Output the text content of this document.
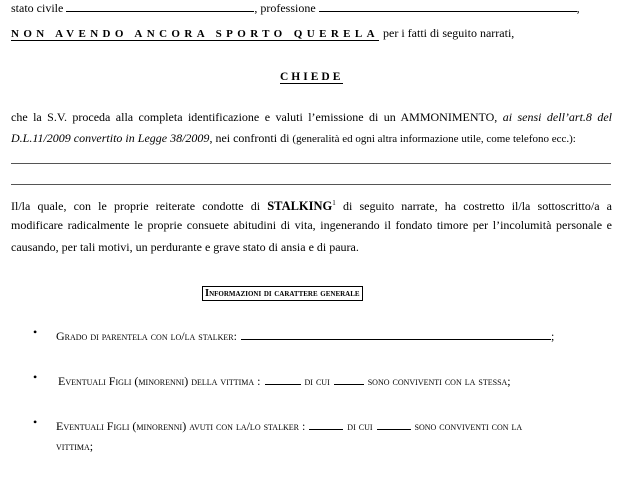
stato civile	, professione	,
NON AVENDO ANCORA SPORTO QUERELA per i fatti di seguito narrati,
CHIEDE
che la S.V. proceda alla completa identificazione e valuti l’emissione di un AMMONIMENTO, ai sensi dell’art.8 del
D.L.11/2009 convertito in Legge 38/2009, nei confronti di (generalità ed ogni altra informazione utile, come telefono ecc.):
Il/la quale, con le proprie reiterate condotte di STALKING$^1$ di seguito narrate, ha costretto il/la sottoscritto/a a
modificare radicalmente le proprie consuete abitudini di vita, ingenerando il fondato timore per l’incolumità personale e
causando, per tali motivi, un perdurante e grave stato di ansia e di paura.
Informazioni di carattere generale
• Grado di parentela con lo/la stalker:	;
• Eventuali Figli (minorenni) della vittima :	di cui	sono conviventi con la stessa;
• Eventuali Figli (minorenni) avuti con la/lo stalker :	di cui	sono conviventi con la
vittima;
